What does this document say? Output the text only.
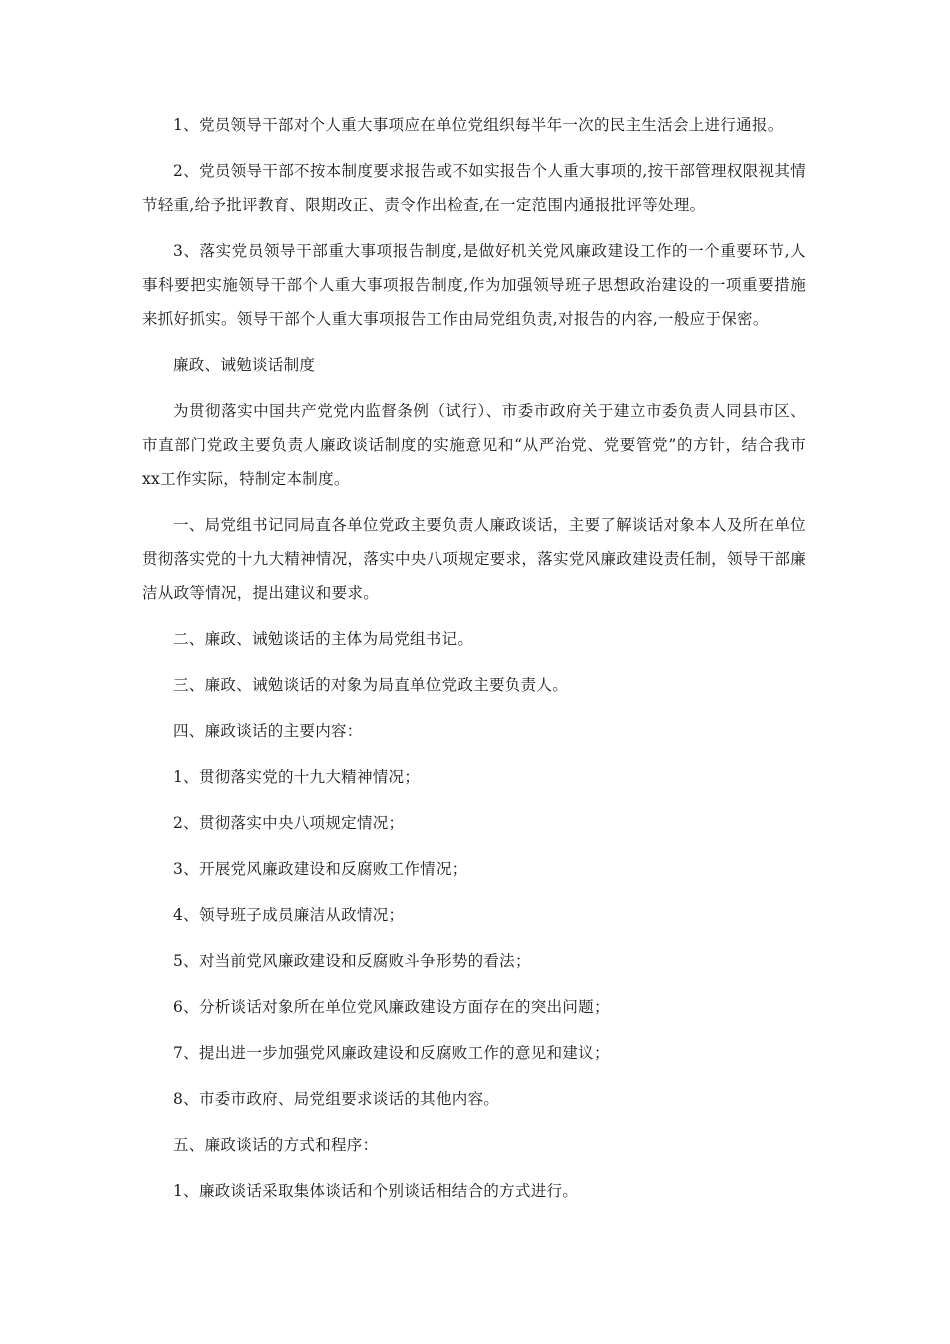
1、党员领导干部对个人重大事项应在单位党组织每半年一次的民主生活会上进行通报。

2、党员领导干部不按本制度要求报告或不如实报告个人重大事项的,按干部管理权限视其情节轻重,给予批评教育、限期改正、责令作出检查,在一定范围内通报批评等处理。

3、落实党员领导干部重大事项报告制度,是做好机关党风廉政建设工作的一个重要环节,人事科要把实施领导干部个人重大事项报告制度,作为加强领导班子思想政治建设的一项重要措施来抓好抓实。领导干部个人重大事项报告工作由局党组负责,对报告的内容,一般应于保密。

廉政、诫勉谈话制度

为贯彻落实中国共产党党内监督条例（试行）、市委市政府关于建立市委负责人同县市区、市直部门党政主要负责人廉政谈话制度的实施意见和“从严治党、党要管党”的方针，结合我市xx工作实际，特制定本制度。

一、局党组书记同局直各单位党政主要负责人廉政谈话，主要了解谈话对象本人及所在单位贯彻落实党的十九大精神情况，落实中央八项规定要求，落实党风廉政建设责任制，领导干部廉洁从政等情况，提出建议和要求。

二、廉政、诫勉谈话的主体为局党组书记。

三、廉政、诫勉谈话的对象为局直单位党政主要负责人。

四、廉政谈话的主要内容：

1、贯彻落实党的十九大精神情况；

2、贯彻落实中央八项规定情况；

3、开展党风廉政建设和反腐败工作情况；

4、领导班子成员廉洁从政情况；

5、对当前党风廉政建设和反腐败斗争形势的看法；

6、分析谈话对象所在单位党风廉政建设方面存在的突出问题；

7、提出进一步加强党风廉政建设和反腐败工作的意见和建议；

8、市委市政府、局党组要求谈话的其他内容。

五、廉政谈话的方式和程序：

1、廉政谈话采取集体谈话和个别谈话相结合的方式进行。
